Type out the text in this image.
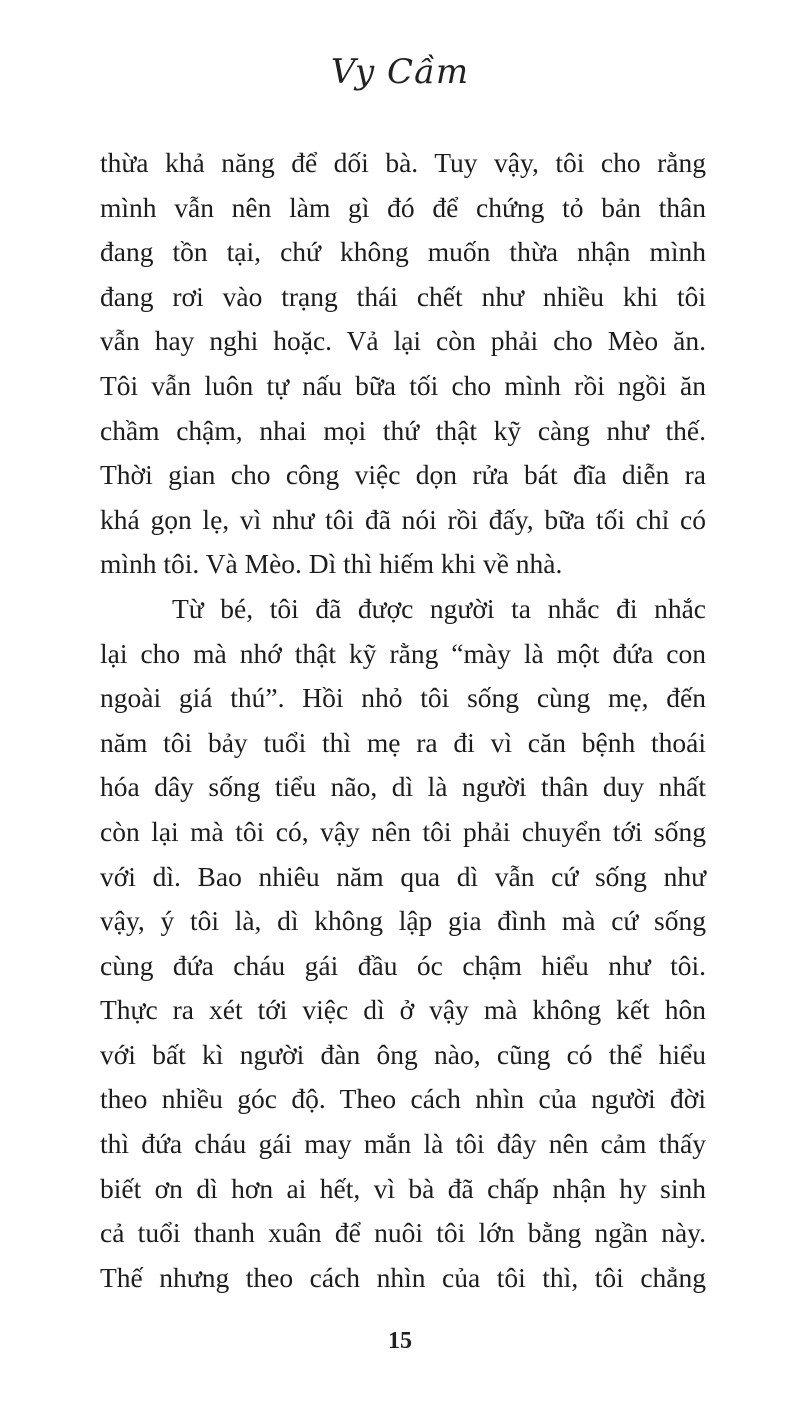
Vy Cầm
thừa khả năng để dối bà. Tuy vậy, tôi cho rằng
mình vẫn nên làm gì đó để chứng tỏ bản thân
đang tồn tại, chứ không muốn thừa nhận mình
đang rơi vào trạng thái chết như nhiều khi tôi
vẫn hay nghi hoặc. Vả lại còn phải cho Mèo ăn.
Tôi vẫn luôn tự nấu bữa tối cho mình rồi ngồi ăn
chầm chậm, nhai mọi thứ thật kỹ càng như thế.
Thời gian cho công việc dọn rửa bát đĩa diễn ra
khá gọn lẹ, vì như tôi đã nói rồi đấy, bữa tối chỉ có
mình tôi. Và Mèo. Dì thì hiếm khi về nhà.
Từ bé, tôi đã được người ta nhắc đi nhắc
lại cho mà nhớ thật kỹ rằng “mày là một đứa con
ngoài giá thú”. Hồi nhỏ tôi sống cùng mẹ, đến
năm tôi bảy tuổi thì mẹ ra đi vì căn bệnh thoái
hóa dây sống tiểu não, dì là người thân duy nhất
còn lại mà tôi có, vậy nên tôi phải chuyển tới sống
với dì. Bao nhiêu năm qua dì vẫn cứ sống như
vậy, ý tôi là, dì không lập gia đình mà cứ sống
cùng đứa cháu gái đầu óc chậm hiểu như tôi.
Thực ra xét tới việc dì ở vậy mà không kết hôn
với bất kì người đàn ông nào, cũng có thể hiểu
theo nhiều góc độ. Theo cách nhìn của người đời
thì đứa cháu gái may mắn là tôi đây nên cảm thấy
biết ơn dì hơn ai hết, vì bà đã chấp nhận hy sinh
cả tuổi thanh xuân để nuôi tôi lớn bằng ngần này.
Thế nhưng theo cách nhìn của tôi thì, tôi chẳng
15
